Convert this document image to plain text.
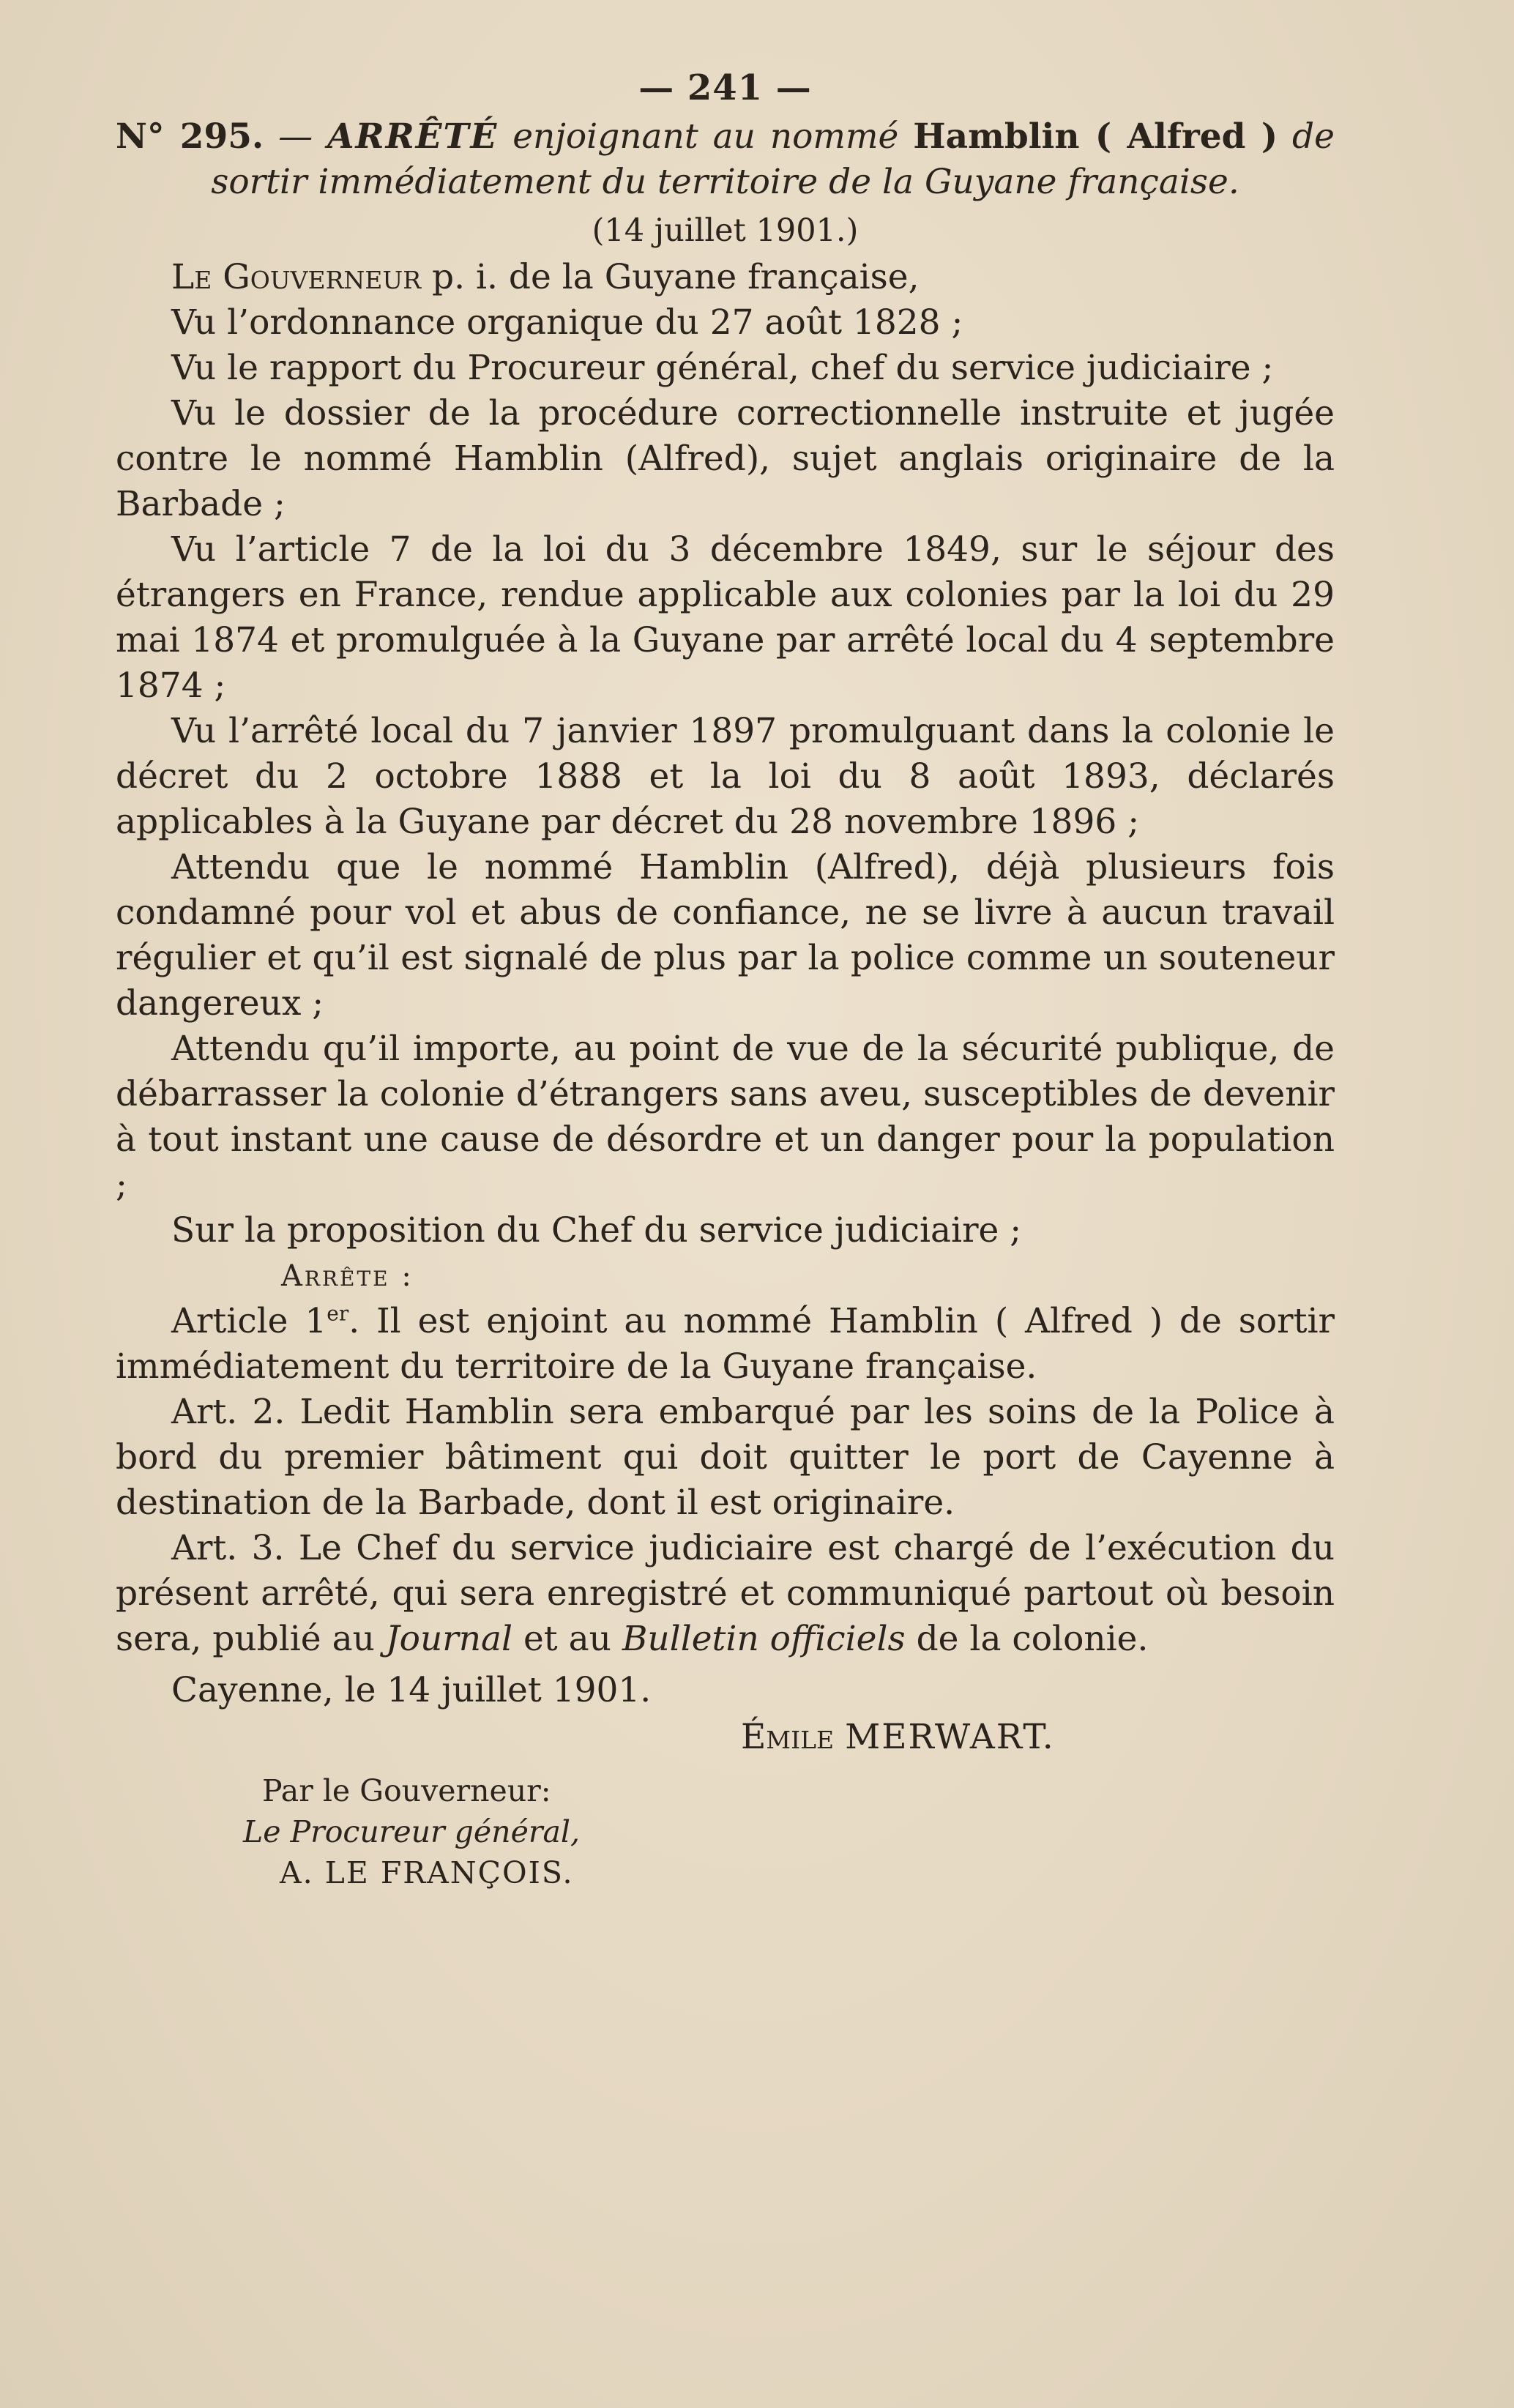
— 241 —
N° 295. — ARRÊTÉ enjoignant au nommé Hamblin ( Alfred ) de sortir immédiatement du territoire de la Guyane française.
(14 juillet 1901.)

Le Gouverneur p. i. de la Guyane française,

Vu l’ordonnance organique du 27 août 1828 ;

Vu le rapport du Procureur général, chef du service judiciaire ;

Vu le dossier de la procédure correctionnelle instruite et jugée contre le nommé Hamblin (Alfred), sujet anglais originaire de la Barbade ;

Vu l’article 7 de la loi du 3 décembre 1849, sur le séjour des étrangers en France, rendue applicable aux colonies par la loi du 29 mai 1874 et promulguée à la Guyane par arrêté local du 4 septembre 1874 ;

Vu l’arrêté local du 7 janvier 1897 promulguant dans la colonie le décret du 2 octobre 1888 et la loi du 8 août 1893, déclarés applicables à la Guyane par décret du 28 novembre 1896 ;

Attendu que le nommé Hamblin (Alfred), déjà plusieurs fois condamné pour vol et abus de confiance, ne se livre à aucun travail régulier et qu’il est signalé de plus par la police comme un souteneur dangereux ;

Attendu qu’il importe, au point de vue de la sécurité publique, de débarrasser la colonie d’étrangers sans aveu, susceptibles de devenir à tout instant une cause de désordre et un danger pour la population ;

Sur la proposition du Chef du service judiciaire ;

Arrête :

Article 1er. Il est enjoint au nommé Hamblin ( Alfred ) de sortir immédiatement du territoire de la Guyane française.

Art. 2. Ledit Hamblin sera embarqué par les soins de la Police à bord du premier bâtiment qui doit quitter le port de Cayenne à destination de la Barbade, dont il est originaire.

Art. 3. Le Chef du service judiciaire est chargé de l’exécution du présent arrêté, qui sera enregistré et communiqué partout où besoin sera, publié au Journal et au Bulletin officiels de la colonie.

Cayenne, le 14 juillet 1901.

Émile MERWART.
Par le Gouverneur:
Le Procureur général,
A. LE FRANÇOIS.
